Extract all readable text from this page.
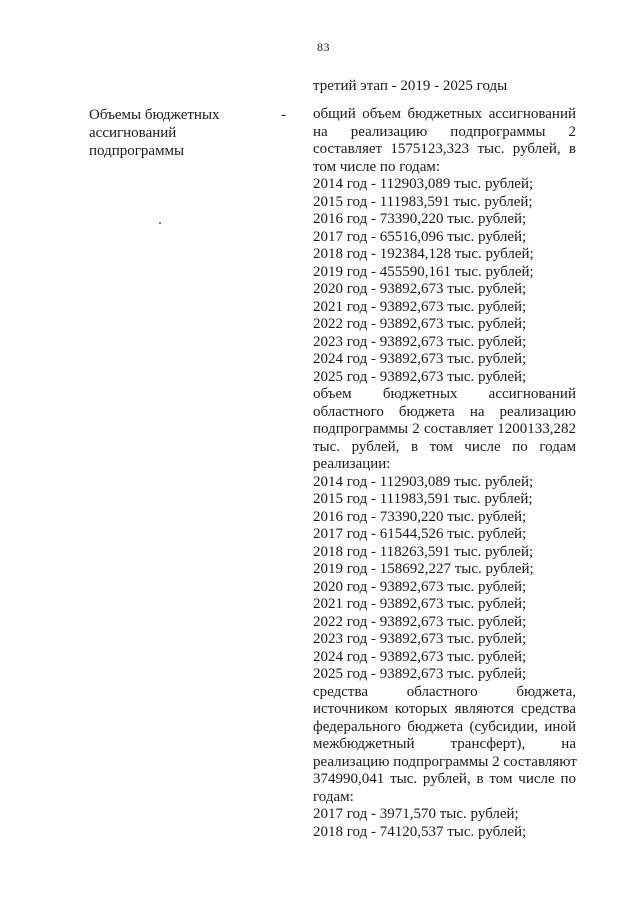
83
третий этап - 2019 - 2025 годы
Объемы бюджетных
ассигнований
подпрограммы
- общий объем бюджетных ассигнований
на реализацию подпрограммы 2
составляет 1575123,323 тыс. рублей, в
том числе по годам:
2014 год - 112903,089 тыс. рублей;
2015 год - 111983,591 тыс. рублей;
2016 год - 73390,220 тыс. рублей;
2017 год - 65516,096 тыс. рублей;
2018 год - 192384,128 тыс. рублей;
2019 год - 455590,161 тыс. рублей;
2020 год - 93892,673 тыс. рублей;
2021 год - 93892,673 тыс. рублей;
2022 год - 93892,673 тыс. рублей;
2023 год - 93892,673 тыс. рублей;
2024 год - 93892,673 тыс. рублей;
2025 год - 93892,673 тыс. рублей;
объем бюджетных ассигнований
областного бюджета на реализацию
подпрограммы 2 составляет 1200133,282
тыс. рублей, в том числе по годам
реализации:
2014 год - 112903,089 тыс. рублей;
2015 год - 111983,591 тыс. рублей;
2016 год - 73390,220 тыс. рублей;
2017 год - 61544,526 тыс. рублей;
2018 год - 118263,591 тыс. рублей;
2019 год - 158692,227 тыс. рублей;
2020 год - 93892,673 тыс. рублей;
2021 год - 93892,673 тыс. рублей;
2022 год - 93892,673 тыс. рублей;
2023 год - 93892,673 тыс. рублей;
2024 год - 93892,673 тыс. рублей;
2025 год - 93892,673 тыс. рублей;
средства областного бюджета,
источником которых являются средства
федерального бюджета (субсидии, иной
межбюджетный трансферт), на
реализацию подпрограммы 2 составляют
374990,041 тыс. рублей, в том числе по
годам:
2017 год - 3971,570 тыс. рублей;
2018 год - 74120,537 тыс. рублей;
